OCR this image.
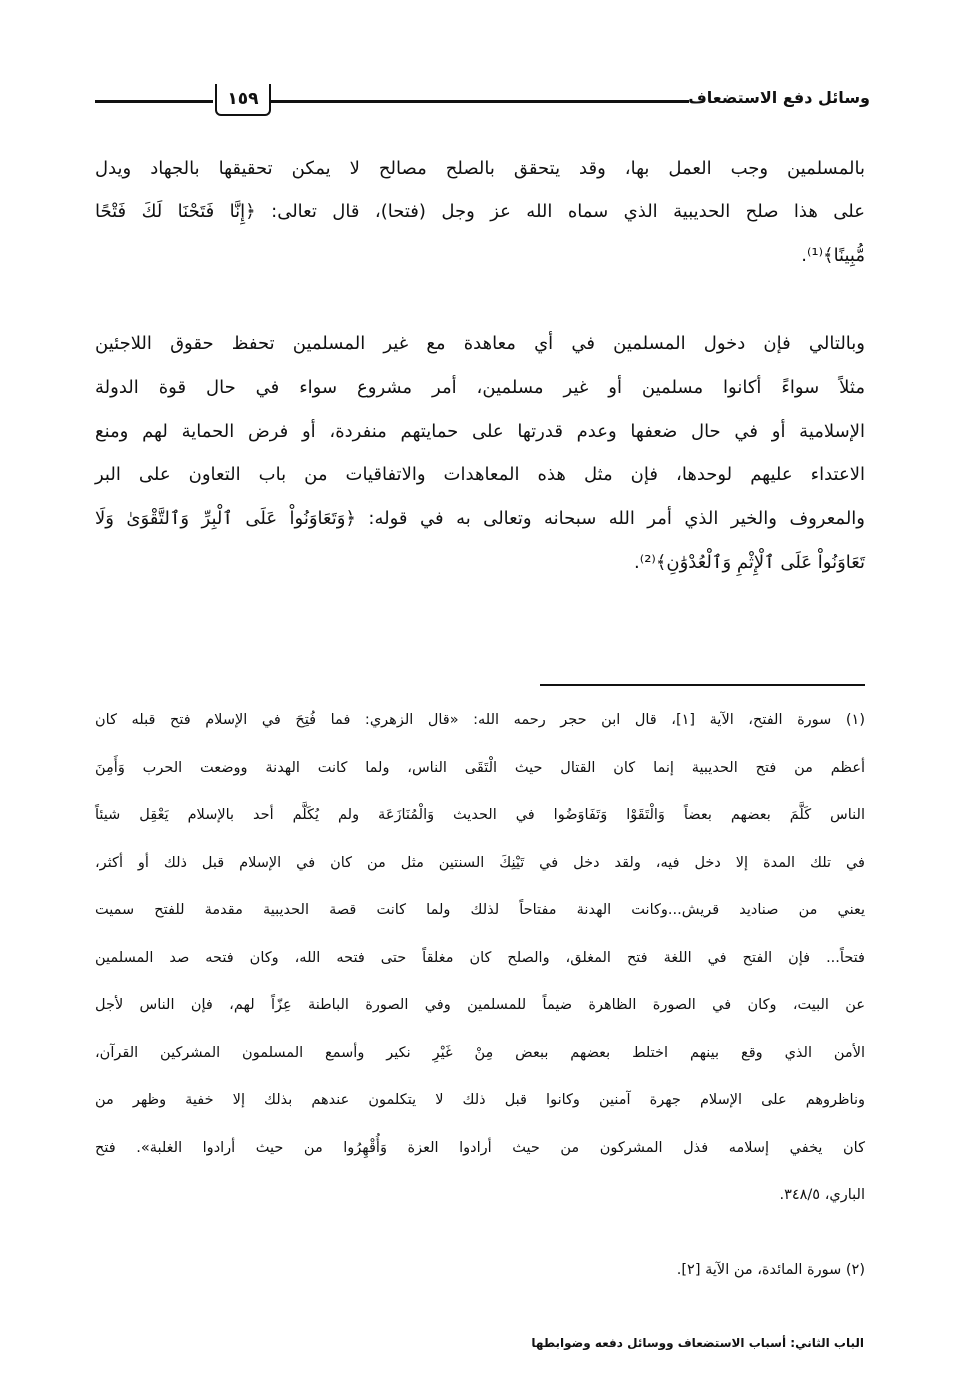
١٥٩	وسائل دفع الاستضعاف
بالمسلمين وجب العمل بها، وقد يتحقق بالصلح مصالح لا يمكن تحقيقها بالجهاد ويدل
على هذا صلح الحديبية الذي سماه الله عز وجل (فتحا)، قال تعالى: ﴿إِنَّا فَتَحْنَا لَكَ فَتْحًا
مُّبِينًا﴾⁽¹⁾.
وبالتالي فإن دخول المسلمين في أي معاهدة مع غير المسلمين تحفظ حقوق اللاجئين
مثلاً سواءً أكانوا مسلمين أو غير مسلمين، أمر مشروع سواء في حال قوة الدولة
الإسلامية أو في حال ضعفها وعدم قدرتها على حمايتهم منفردة، أو فرض الحماية لهم ومنع
الاعتداء عليهم لوحدها، فإن مثل هذه المعاهدات والاتفاقيات من باب التعاون على البر
والمعروف والخير الذي أمر الله سبحانه وتعالى به في قوله: ﴿وَتَعَاوَنُواْ عَلَى ٱلْبِرِّ وَٱلتَّقْوَىٰ وَلَا
تَعَاوَنُواْ عَلَى ٱلْإِثْمِ وَٱلْعُدْوَٰنِ﴾⁽²⁾.
(١) سورة الفتح، الآية [١]، قال ابن حجر رحمه الله: «قال الزهري: فما فُتِحَ في الإسلام فتح قبله كان
أعظم من فتح الحديبية إنما كان القتال حيث الْتَقَى الناس، ولما كانت الهدنة ووضعت الحرب وَأَمِنَ
الناس كَلَّمَ بعضهم بعضاً وَالْتَقَوْا وَتَفَاوَضُوا في الحديث وَالْمُنَازَعَة ولم يُكَلَّم أحد بالإسلام يَعْقِل شيئاً
في تلك المدة إلا دخل فيه، ولقد دخل في تَيْنِكَ السنتين مثل من كان في الإسلام قبل ذلك أو أكثر،
يعني من صناديد قريش...وكانت الهدنة مفتاحاً لذلك ولما كانت قصة الحديبية مقدمة للفتح سميت
فتحاً... فإن الفتح في اللغة فتح المغلق، والصلح كان مغلقاً حتى فتحه الله، وكان فتحه صد المسلمين
عن البيت، وكان في الصورة الظاهرة ضيماً للمسلمين وفي الصورة الباطنة عِزّاً لهم، فإن الناس لأجل
الأمن الذي وقع بينهم اختلط بعضهم ببعض مِنْ غَيْرِ نكير وأسمع المسلمون المشركين القرآن،
وناظروهم على الإسلام جهرة آمنين وكانوا قبل ذلك لا يتكلمون عندهم بذلك إلا خفية وظهر من
كان يخفي إسلامه فذل المشركون من حيث أرادوا العزة وَأُقْهِرُوا من حيث أرادوا الغلبة». فتح
الباري، ٣٤٨/٥.
(٢) سورة المائدة، من الآية [٢].
الباب الثاني: أسباب الاستضعاف ووسائل دفعه وضوابطها
